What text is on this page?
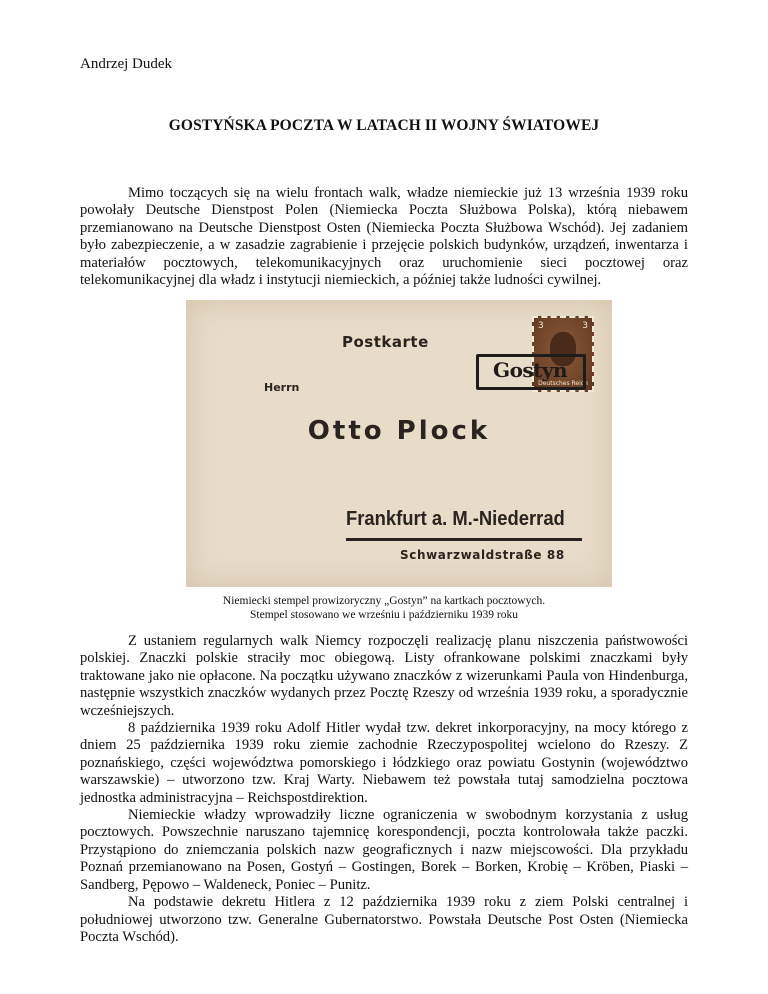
Andrzej Dudek
GOSTYŃSKA POCZTA W LATACH II WOJNY ŚWIATOWEJ

Mimo toczących się na wielu frontach walk, władze niemieckie już 13 września 1939 roku powołały Deutsche Dienstpost Polen (Niemiecka Poczta Służbowa Polska), którą niebawem przemianowano na Deutsche Dienstpost Osten (Niemiecka Poczta Służbowa Wschód). Jej zadaniem było zabezpieczenie, a w zasadzie zagrabienie i przejęcie polskich budynków, urządzeń, inwentarza i materiałów pocztowych, telekomunikacyjnych oraz uruchomienie sieci pocztowej oraz telekomunikacyjnej dla władz i instytucji niemieckich, a później także ludności cywilnej.

Postkarte
Herrn
Otto Plock
Frankfurt a. M.-Niederrad
Schwarzwaldstraße 88
3	3
Deutsches Reich
Gostyn
Niemiecki stempel prowizoryczny „Gostyn” na kartkach pocztowych.
Stempel stosowano we wrześniu i październiku 1939 roku

Z ustaniem regularnych walk Niemcy rozpoczęli realizację planu niszczenia państwowości polskiej. Znaczki polskie straciły moc obiegową. Listy ofrankowane polskimi znaczkami były traktowane jako nie opłacone. Na początku używano znaczków z wizerunkami Paula von Hindenburga, następnie wszystkich znaczków wydanych przez Pocztę Rzeszy od września 1939 roku, a sporadycznie wcześniejszych.

8 października 1939 roku Adolf Hitler wydał tzw. dekret inkorporacyjny, na mocy którego z dniem 25 października 1939 roku ziemie zachodnie Rzeczypospolitej wcielono do Rzeszy. Z poznańskiego, części województwa pomorskiego i łódzkiego oraz powiatu Gostynin (województwo warszawskie) – utworzono tzw. Kraj Warty. Niebawem też powstała tutaj samodzielna pocztowa jednostka administracyjna – Reichspostdirektion.

Niemieckie władzy wprowadziły liczne ograniczenia w swobodnym korzystania z usług pocztowych. Powszechnie naruszano tajemnicę korespondencji, poczta kontrolowała także paczki. Przystąpiono do zniemczania polskich nazw geograficznych i nazw miejscowości. Dla przykładu Poznań przemianowano na Posen, Gostyń – Gostingen, Borek – Borken, Krobię – Kröben, Piaski – Sandberg, Pępowo – Waldeneck, Poniec – Punitz.

Na podstawie dekretu Hitlera z 12 października 1939 roku z ziem Polski centralnej i południowej utworzono tzw. Generalne Gubernatorstwo. Powstała Deutsche Post Osten (Niemiecka Poczta Wschód).
